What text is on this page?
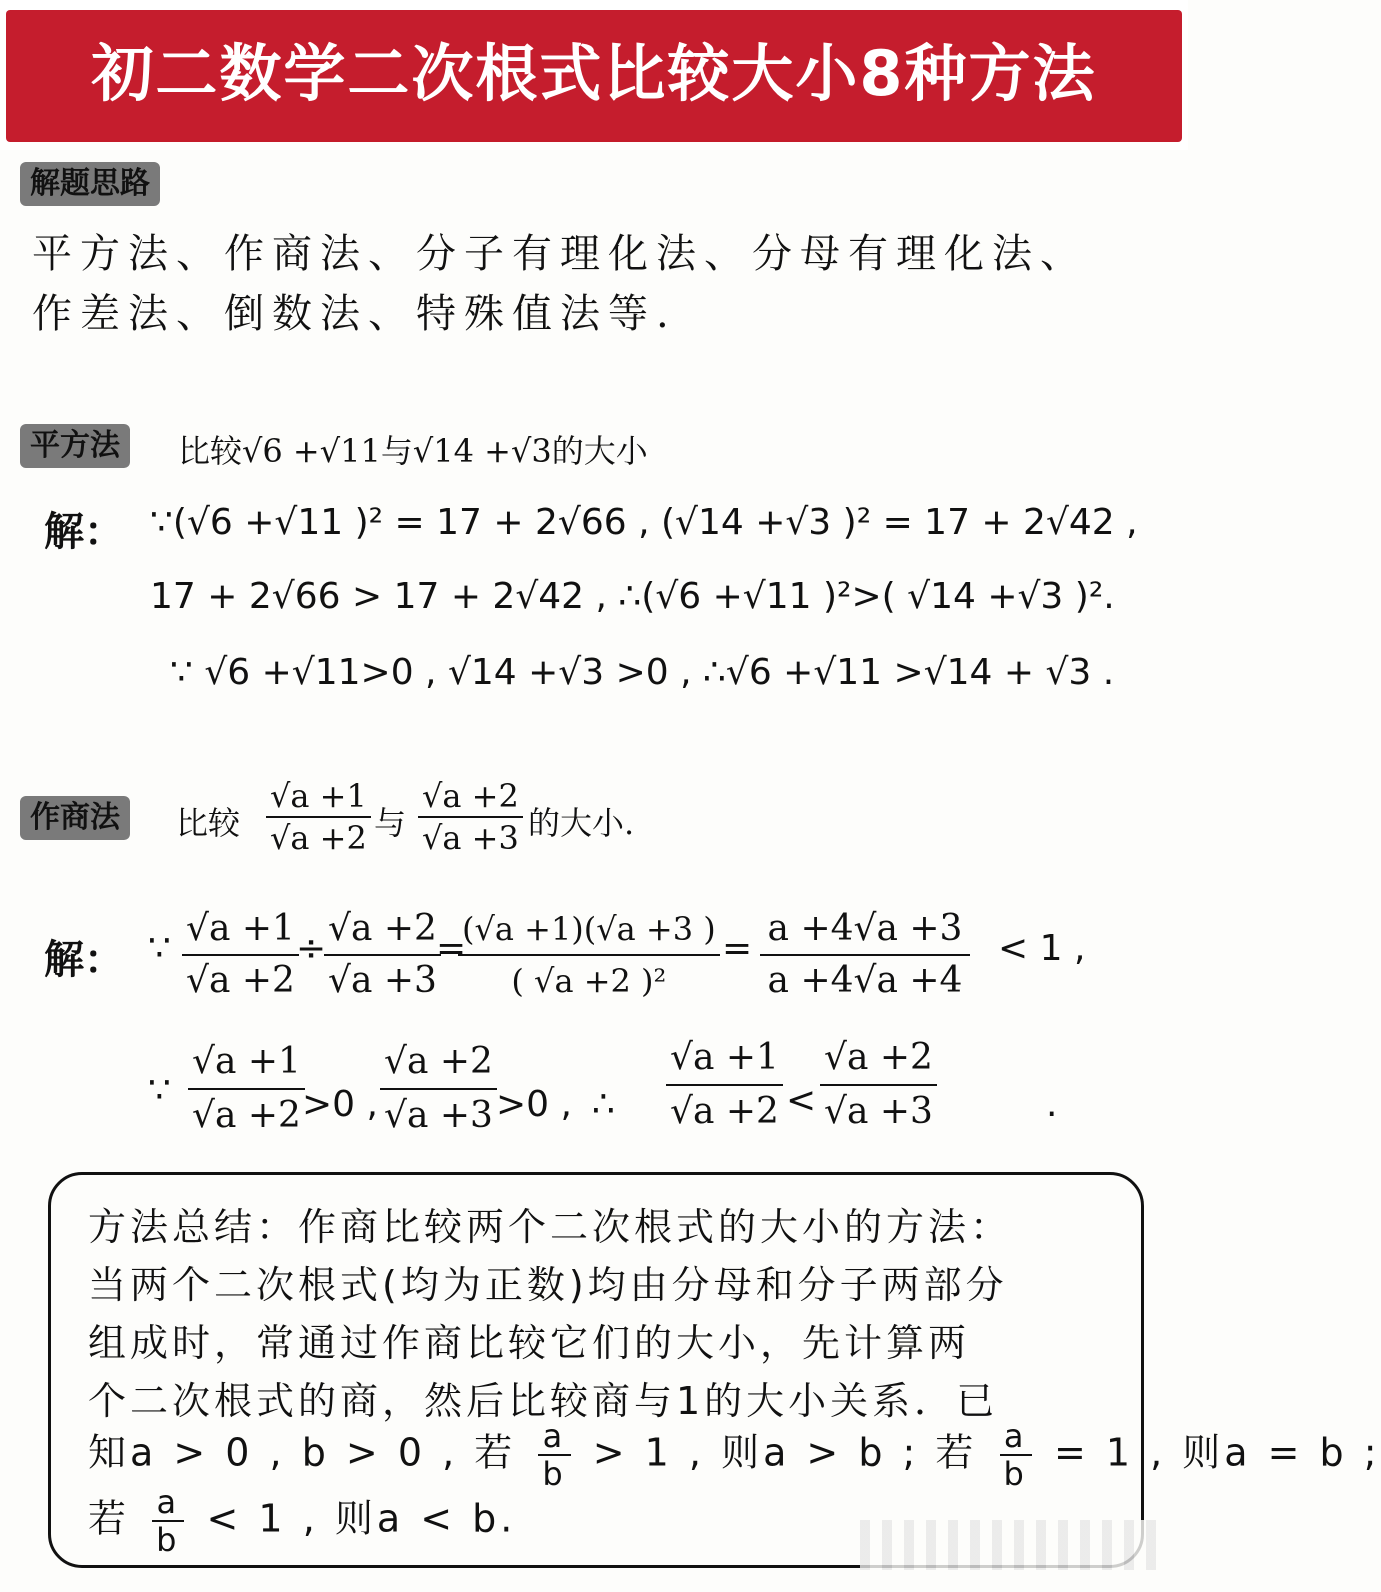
初二数学二次根式比较大小8种方法
解题思路
平方法、作商法、分子有理化法、分母有理化法、
作差法、倒数法、特殊值法等.
平方法	比较√6 +√11与√14 +√3的大小
解： ∵(√6 +√11 )² = 17 + 2√66 , (√14 +√3 )² = 17 + 2√42 ,
17 + 2√66 > 17 + 2√42 , ∴(√6 +√11 )²>( √14 +√3 )².
∵ √6 +√11>0 , √14 +√3 >0 , ∴√6 +√11 >√14 + √3 .
作商法	比较 $\frac{√a +1}{√a +2}$ 与 $\frac{√a +2}{√a +3}$ 的大小.
解： ∵ $\frac{√a +1}{√a +2}$
÷
$\frac{√a +2}{√a +3}$
=
$\frac{(√a +1)(√a +3 )}{\text{( √a +2 )²}} = \frac{a +4√a +3}{a +4√a +4} < 1$ ,
∵ $\frac{√a +1}{√a +2}$
>0 , $\frac{√a +2}{√a +3} >0$ , ∴ $\frac{√a +1}{√a +2} < \frac{√a +2}{√a +3}$	.
方法总结：作商比较两个二次根式的大小的方法：
当两个二次根式(均为正数)均由分母和分子两部分
组成时，常通过作商比较它们的大小，先计算两
个二次根式的商，然后比较商与1的大小关系．已
知a > 0 , b > 0 , 若 $\frac{a}{b} > 1$ , 则a > b ; 若 $\frac{a}{b} = 1$ , 则a = b ;
若 $\frac{a}{b} < 1$ , 则a < b.
